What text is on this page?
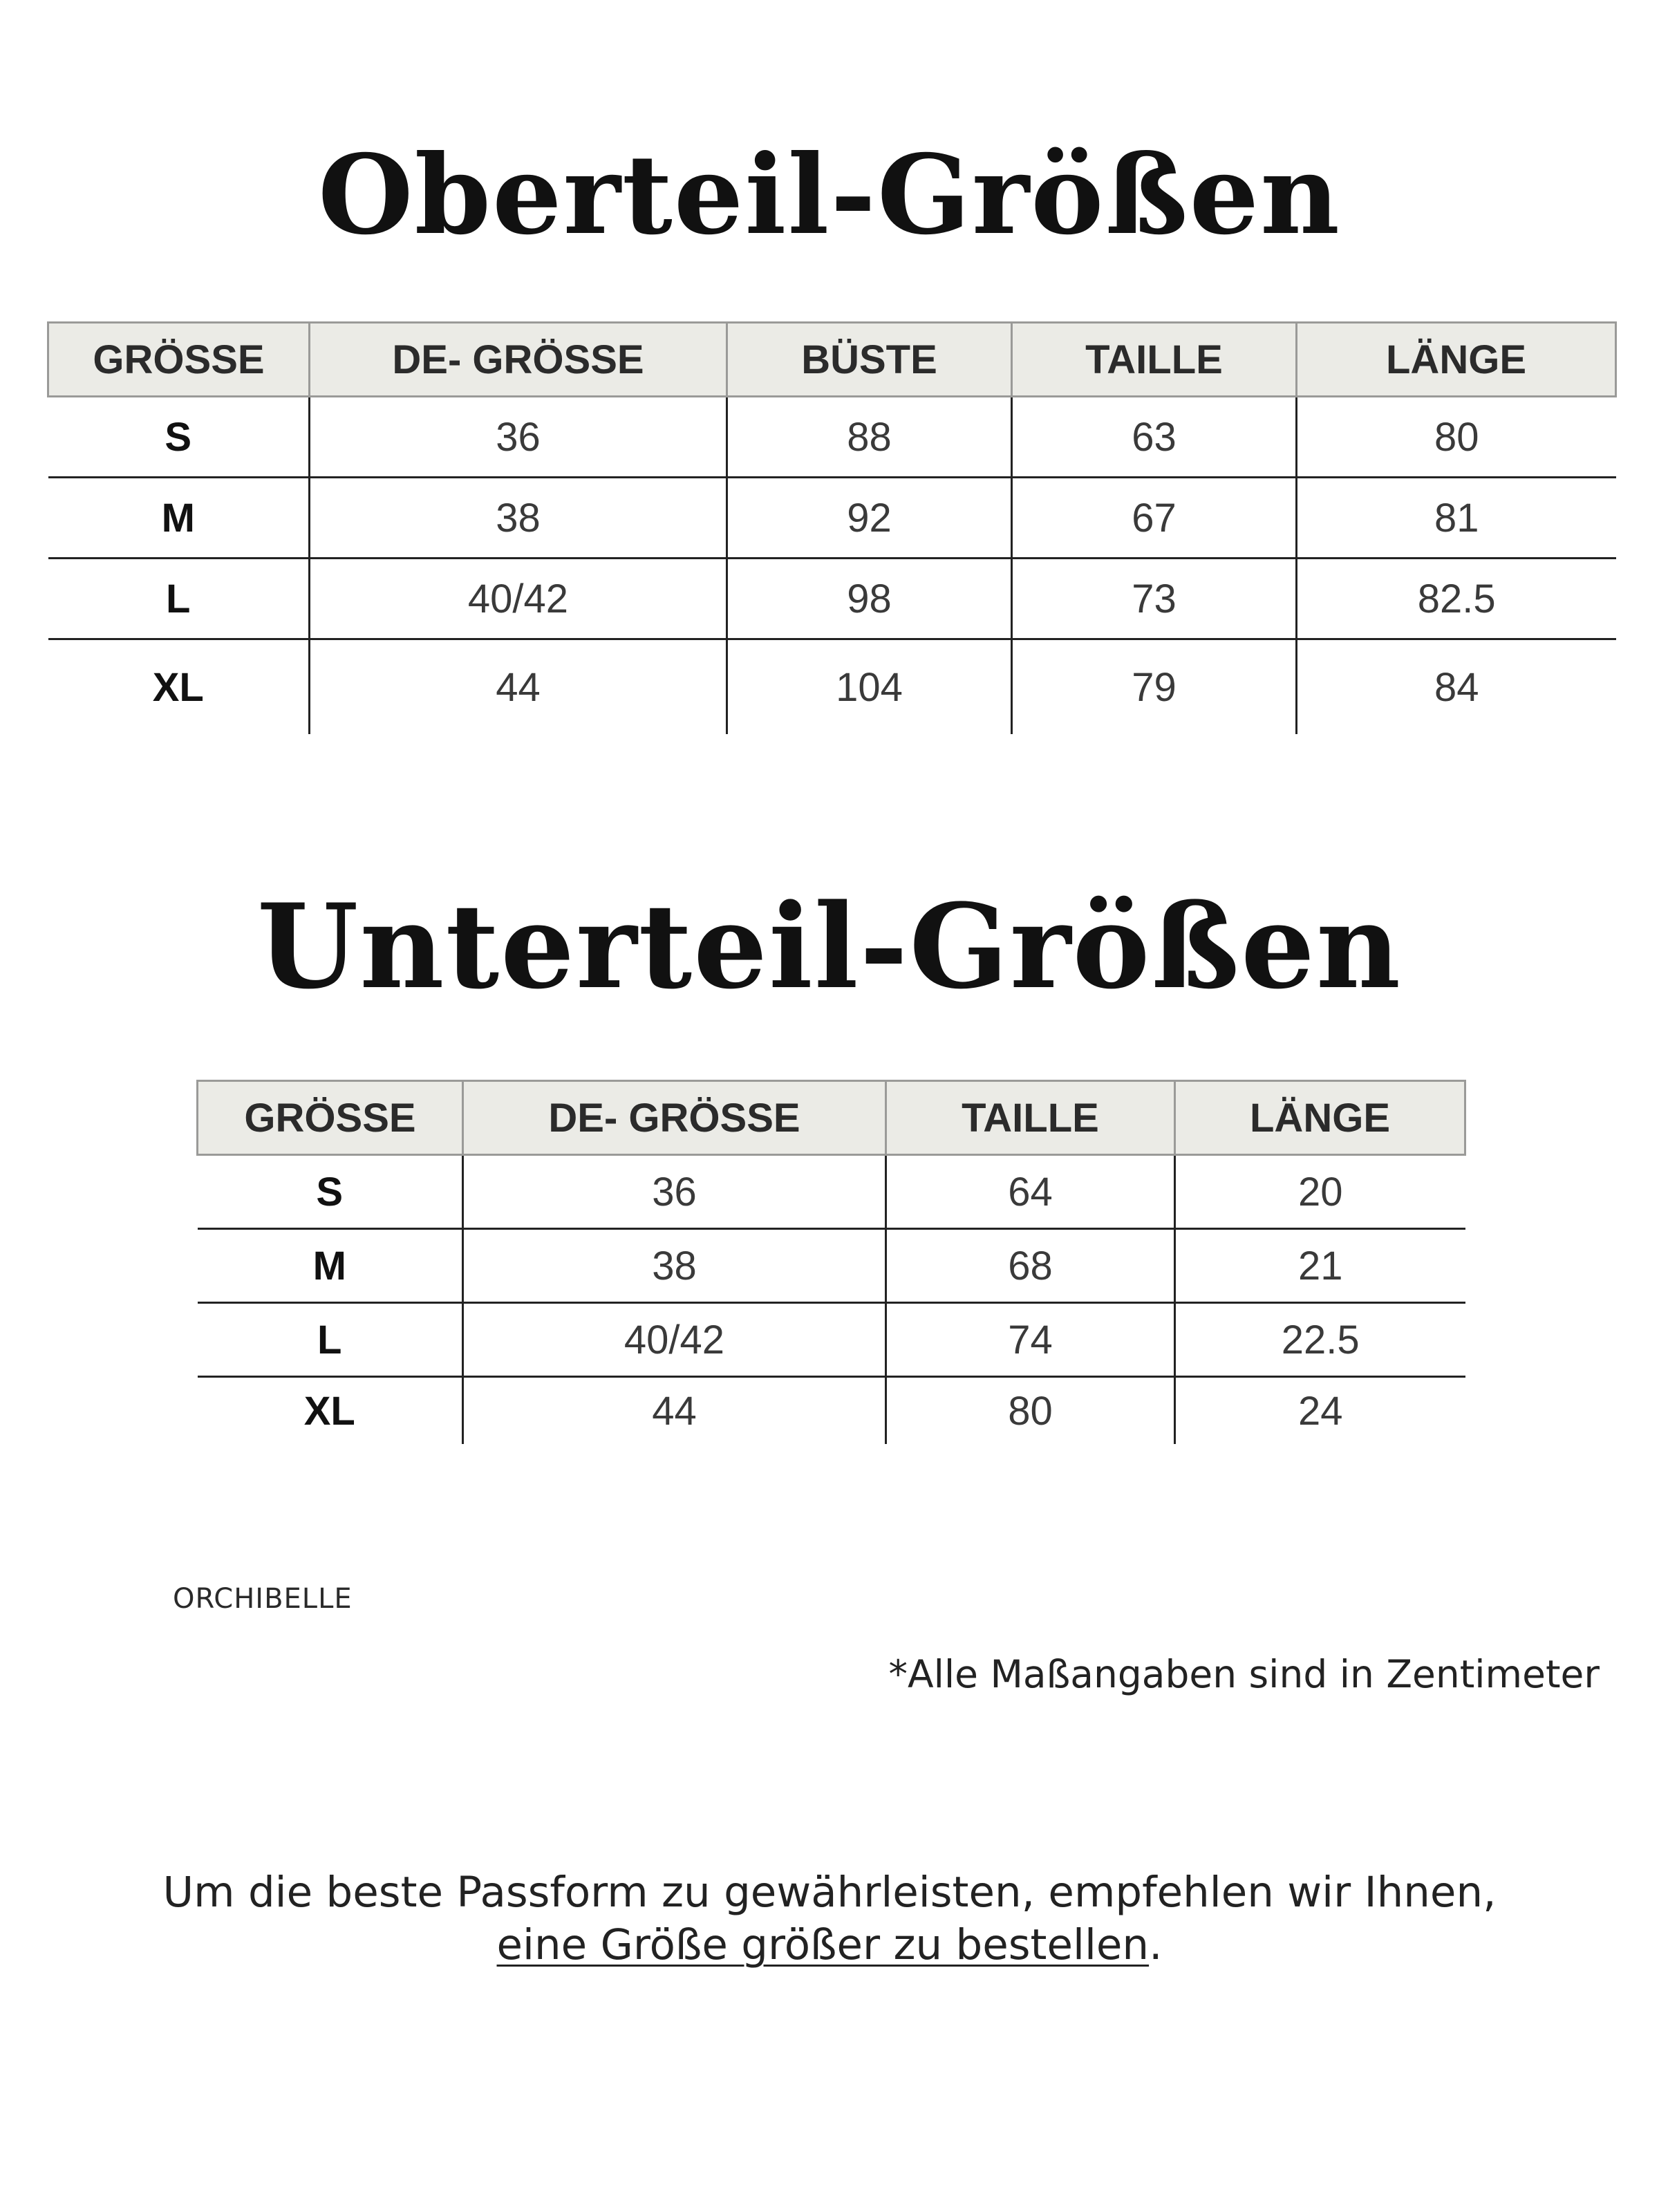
Oberteil-Größen
GRÖSSE	DE- GRÖSSE	BÜSTE	TAILLE	LÄNGE
S	36	88	63	80
M	38	92	67	81
L	40/42	98	73	82.5
XL	44	104	79	84
Unterteil-Größen
GRÖSSE	DE- GRÖSSE	TAILLE	LÄNGE
S	36	64	20
M	38	68	21
L	40/42	74	22.5
XL	44	80	24
ORCHIBELLE
*Alle Maßangaben sind in Zentimeter
Um die beste Passform zu gewährleisten, empfehlen wir Ihnen,
eine Größe größer zu bestellen.
